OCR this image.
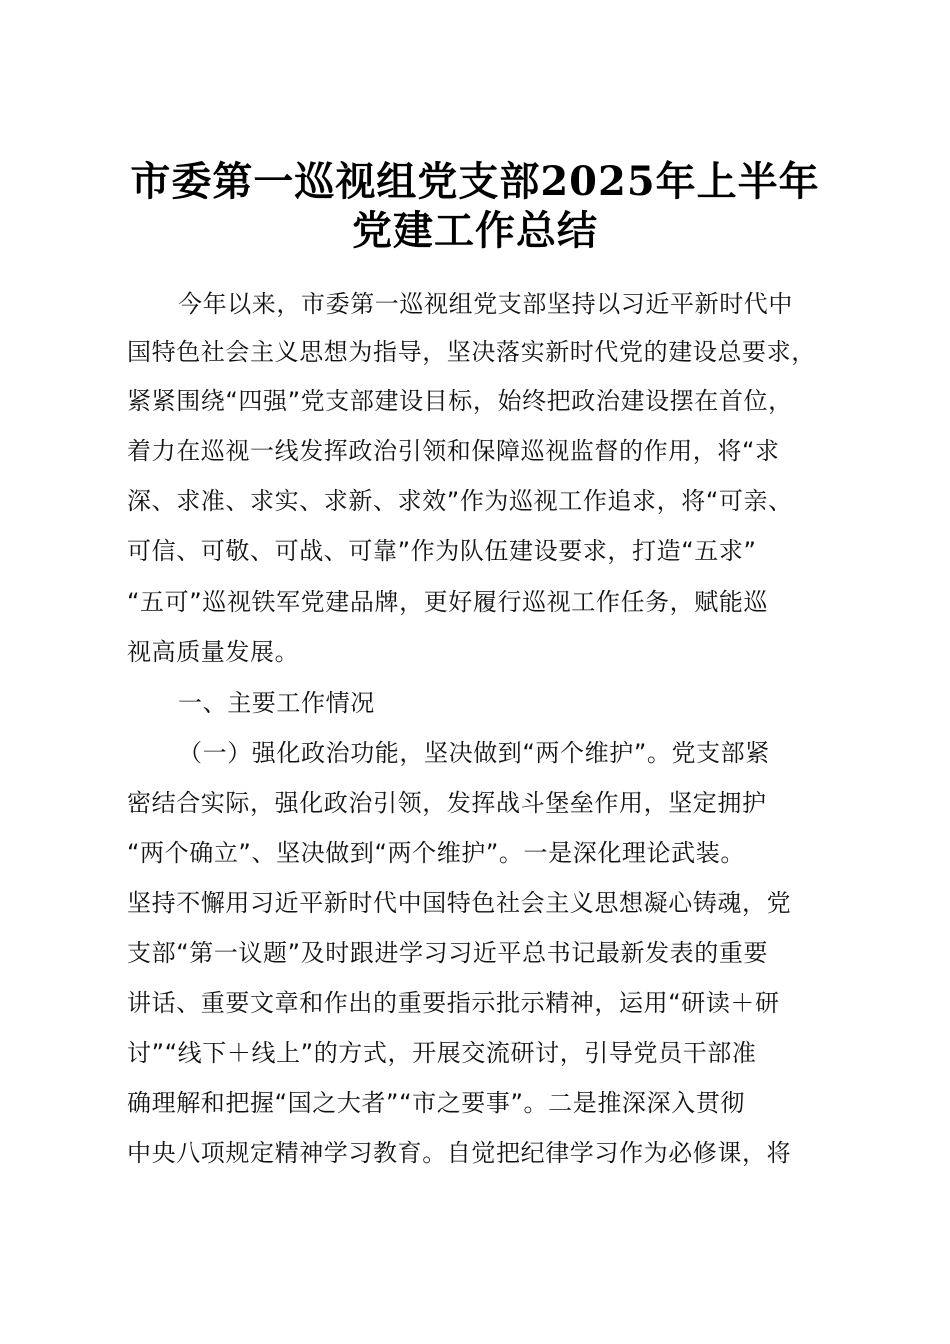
市委第一巡视组党支部2025年上半年
党建工作总结
今年以来，市委第一巡视组党支部坚持以习近平新时代中
国特色社会主义思想为指导，坚决落实新时代党的建设总要求，
紧紧围绕“四强”党支部建设目标，始终把政治建设摆在首位，
着力在巡视一线发挥政治引领和保障巡视监督的作用，将“求
深、求准、求实、求新、求效”作为巡视工作追求，将“可亲、
可信、可敬、可战、可靠”作为队伍建设要求，打造“五求”
“五可”巡视铁军党建品牌，更好履行巡视工作任务，赋能巡
视高质量发展。
一、主要工作情况
（一）强化政治功能，坚决做到“两个维护”。党支部紧
密结合实际，强化政治引领，发挥战斗堡垒作用，坚定拥护
“两个确立”、坚决做到“两个维护”。一是深化理论武装。
坚持不懈用习近平新时代中国特色社会主义思想凝心铸魂，党
支部“第一议题”及时跟进学习习近平总书记最新发表的重要
讲话、重要文章和作出的重要指示批示精神，运用“研读＋研
讨”“线下＋线上”的方式，开展交流研讨，引导党员干部准
确理解和把握“国之大者”“市之要事”。二是推深深入贯彻
中央八项规定精神学习教育。自觉把纪律学习作为必修课，将
